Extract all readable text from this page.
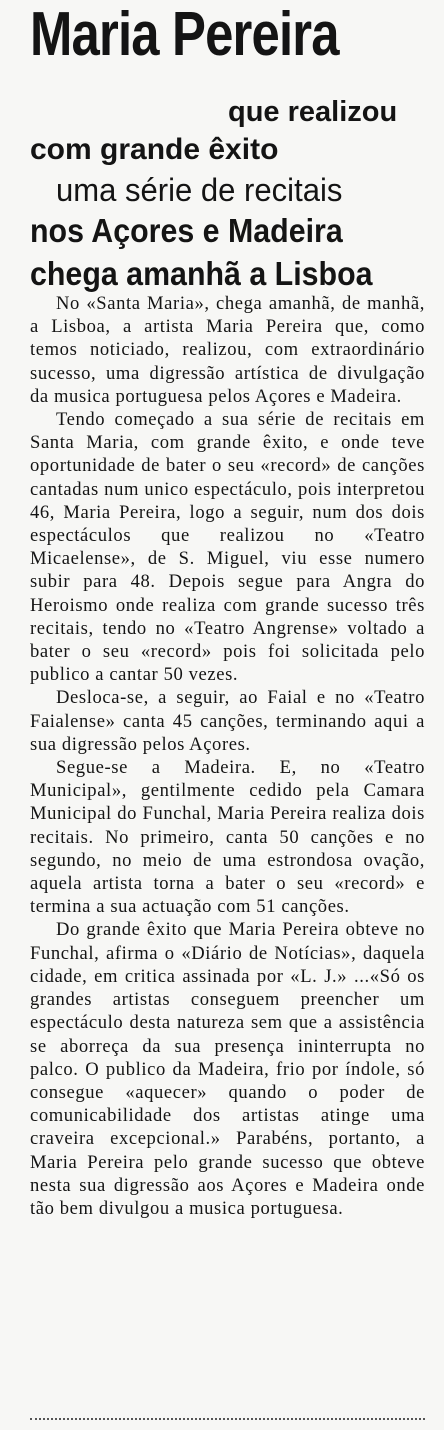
Maria Pereira
que realizou
com grande êxito
uma série de recitais
nos Açores e Madeira
chega amanhã a Lisboa

No «Santa Maria», chega amanhã, de manhã, a Lisboa, a artista Maria Pereira que, como temos noticiado, realizou, com extraordinário sucesso, uma digressão artística de divulgação da musica portuguesa pelos Açores e Madeira.

Tendo começado a sua série de recitais em Santa Maria, com grande êxito, e onde teve oportunidade de bater o seu «record» de canções cantadas num unico espectáculo, pois interpretou 46, Maria Pereira, logo a seguir, num dos dois espectáculos que realizou no «Teatro Micaelense», de S. Miguel, viu esse numero subir para 48. Depois segue para Angra do Heroismo onde realiza com grande sucesso três recitais, tendo no «Teatro Angrense» voltado a bater o seu «record» pois foi solicitada pelo publico a cantar 50 vezes.

Desloca-se, a seguir, ao Faial e no «Teatro Faialense» canta 45 canções, terminando aqui a sua digressão pelos Açores.

Segue-se a Madeira. E, no «Teatro Municipal», gentilmente cedido pela Camara Municipal do Funchal, Maria Pereira realiza dois recitais. No primeiro, canta 50 canções e no segundo, no meio de uma estrondosa ovação, aquela artista torna a bater o seu «record» e termina a sua actuação com 51 canções.

Do grande êxito que Maria Pereira obteve no Funchal, afirma o «Diário de Notícias», daquela cidade, em critica assinada por «L. J.» ...«Só os grandes artistas conseguem preencher um espectáculo desta natureza sem que a assistência se aborreça da sua presença ininterrupta no palco. O publico da Madeira, frio por índole, só consegue «aquecer» quando o poder de comunicabilidade dos artistas atinge uma craveira excepcional.» Parabéns, portanto, a Maria Pereira pelo grande sucesso que obteve nesta sua digressão aos Açores e Madeira onde tão bem divulgou a musica portuguesa.
